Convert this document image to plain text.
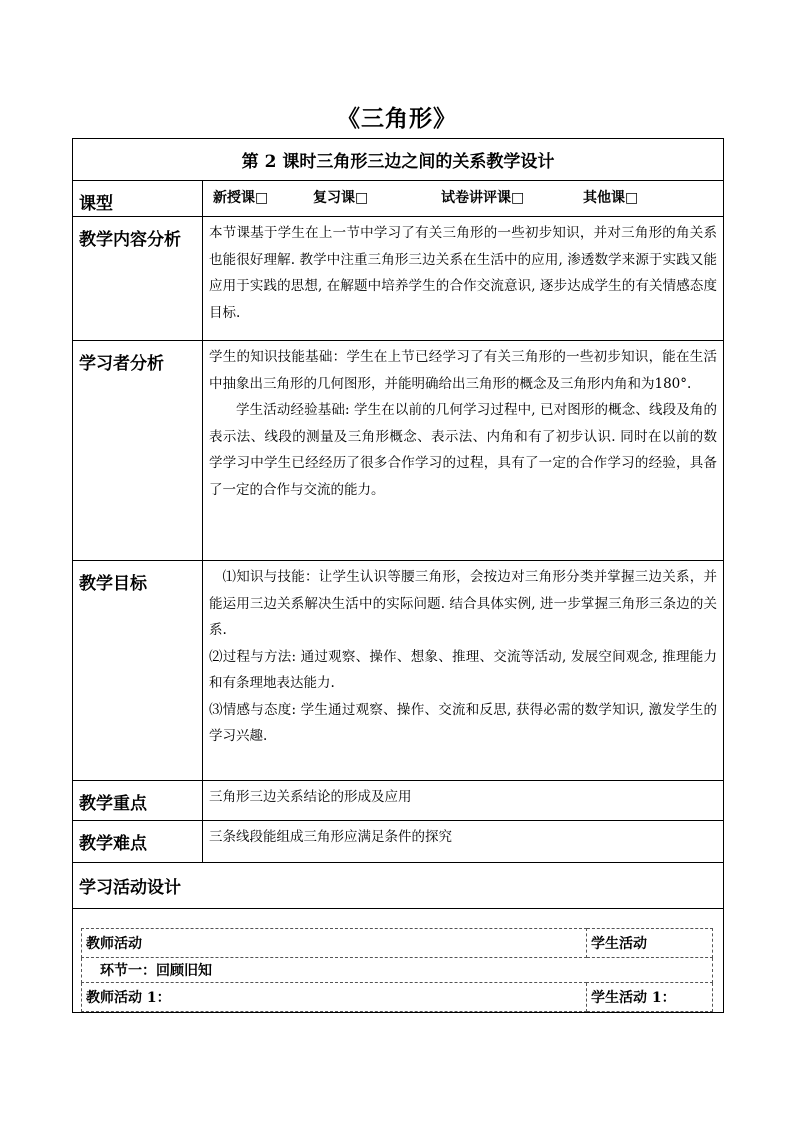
《三角形》
第 2 课时三角形三边之间的关系教学设计
课型	新授课□	复习课□	试卷讲评课□	其他课□
教学内容分析	本节课基于学生在上一节中学习了有关三角形的一些初步知识，并对三角形的角关系也能很好理解. 教学中注重三角形三边关系在生活中的应用, 渗透数学来源于实践又能应用于实践的思想, 在解题中培养学生的合作交流意识, 逐步达成学生的有关情感态度目标.

学习者分析	学生的知识技能基础：学生在上节已经学习了有关三角形的一些初步知识，能在生活中抽象出三角形的几何图形，并能明确给出三角形的概念及三角形内角和为180°.

学生活动经验基础: 学生在以前的几何学习过程中, 已对图形的概念、线段及角的表示法、线段的测量及三角形概念、表示法、内角和有了初步认识. 同时在以前的数学学习中学生已经经历了很多合作学习的过程，具有了一定的合作学习的经验，具备了一定的合作与交流的能力。

教学目标	⑴知识与技能：让学生认识等腰三角形，会按边对三角形分类并掌握三边关系，并能运用三边关系解决生活中的实际问题. 结合具体实例, 进一步掌握三角形三条边的关系.

⑵过程与方法: 通过观察、操作、想象、推理、交流等活动, 发展空间观念, 推理能力和有条理地表达能力.

⑶情感与态度: 学生通过观察、操作、交流和反思, 获得必需的数学知识, 激发学生的学习兴趣.

教学重点	三角形三边关系结论的形成及应用
教学难点	三条线段能组成三角形应满足条件的探究
学习活动设计

教师活动	学生活动
环节一：回顾旧知
教师活动 1：	学生活动 1：
